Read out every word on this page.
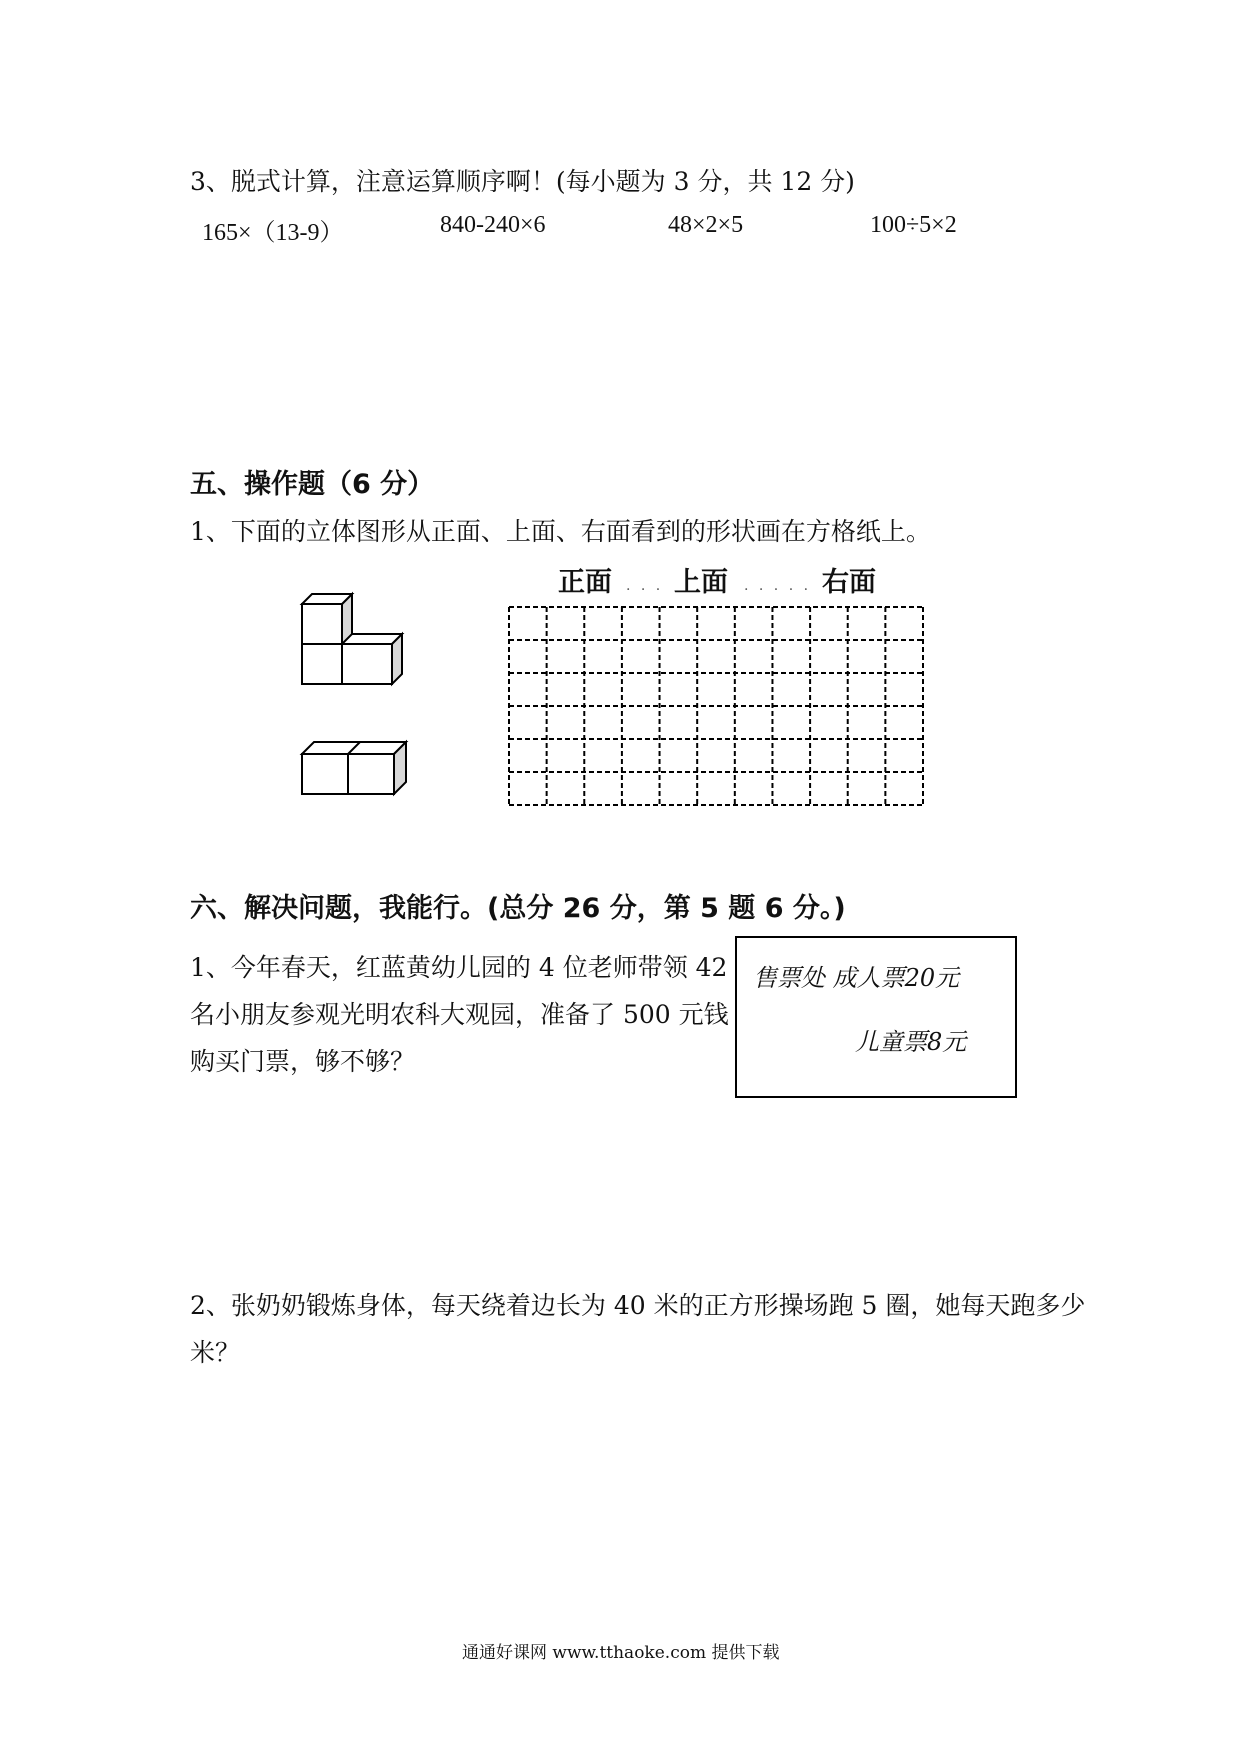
3、脱式计算，注意运算顺序啊！(每小题为 3 分，共 12 分)
165×（13-9）	840-240×6	48×2×5	100÷5×2
五、操作题（6 分）
1、下面的立体图形从正面、上面、右面看到的形状画在方格纸上。
正面 . . . 上面 . . . . . 右面
六、解决问题，我能行。(总分 26 分，第 5 题 6 分。)
1、今年春天，红蓝黄幼儿园的 4 位老师带领 42
名小朋友参观光明农科大观园，准备了 500 元钱
购买门票，够不够？
售票处 成人票20元
儿童票8元
2、张奶奶锻炼身体，每天绕着边长为 40 米的正方形操场跑 5 圈，她每天跑多少
米？
通通好课网 www.tthaoke.com 提供下载
